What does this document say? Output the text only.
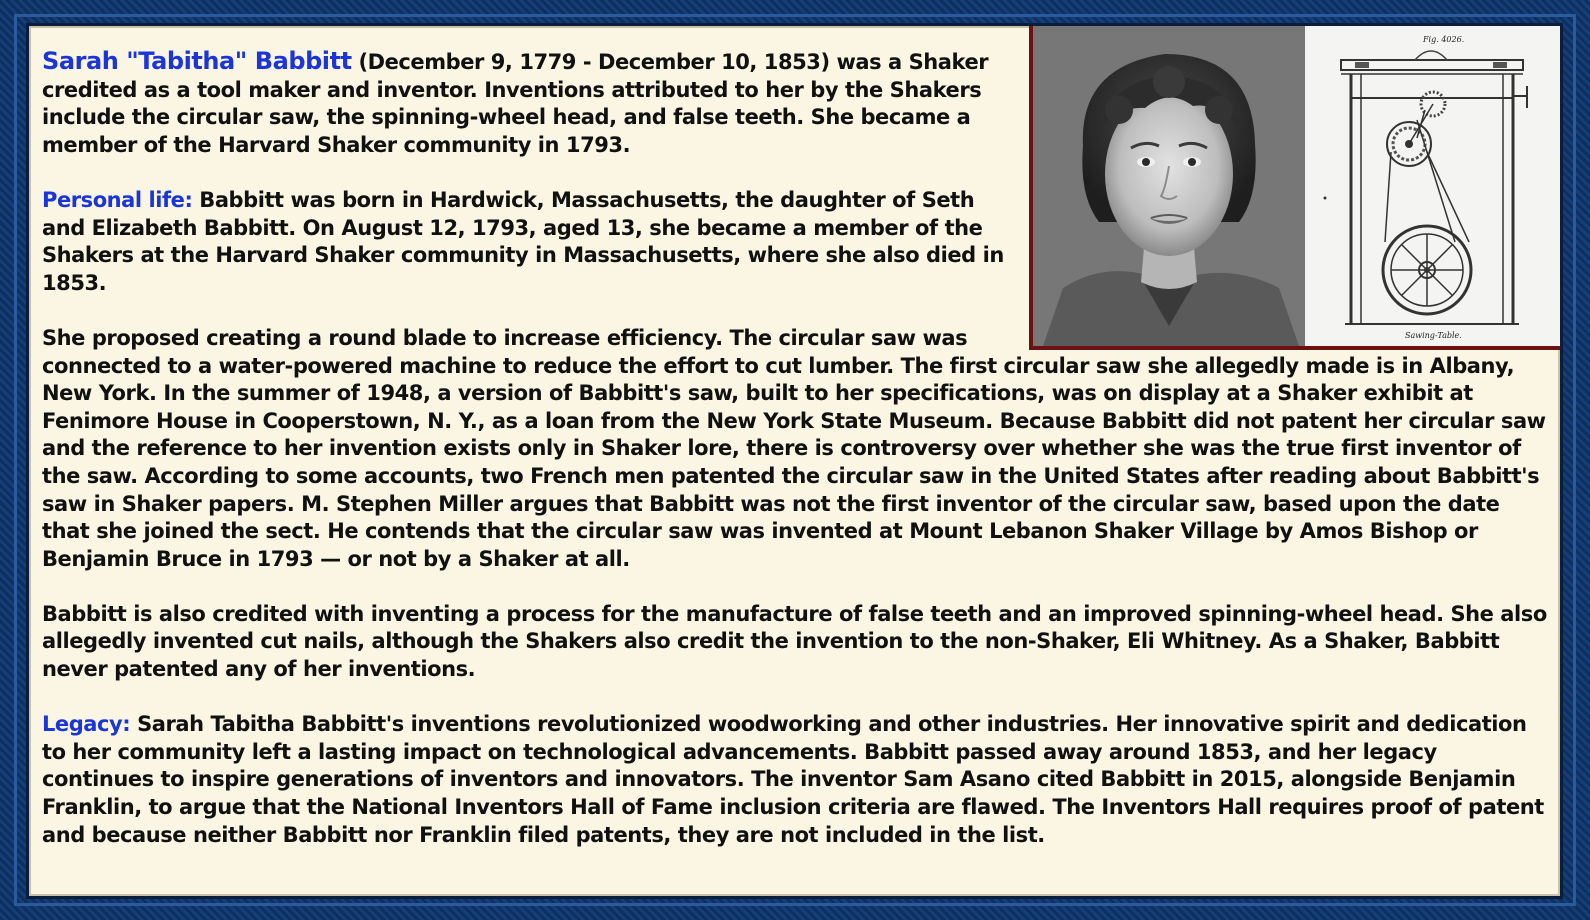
Fig. 4026.
Sawing-Table.

Sarah "Tabitha" Babbitt (December 9, 1779 - December 10, 1853) was a Shaker credited as a tool maker and inventor. Inventions attributed to her by the Shakers include the circular saw, the spinning-wheel head, and false teeth. She became a member of the Harvard Shaker community in 1793.

Personal life: Babbitt was born in Hardwick, Massachusetts, the daughter of Seth and Elizabeth Babbitt. On August 12, 1793, aged 13, she became a member of the Shakers at the Harvard Shaker community in Massachusetts, where she also died in 1853.

She proposed creating a round blade to increase efficiency. The circular saw was connected to a water-powered machine to reduce the effort to cut lumber. The first circular saw she allegedly made is in Albany, New York. In the summer of 1948, a version of Babbitt's saw, built to her specifications, was on display at a Shaker exhibit at Fenimore House in Cooperstown, N. Y., as a loan from the New York State Museum. Because Babbitt did not patent her circular saw and the reference to her invention exists only in Shaker lore, there is controversy over whether she was the true first inventor of the saw. According to some accounts, two French men patented the circular saw in the United States after reading about Babbitt's saw in Shaker papers. M. Stephen Miller argues that Babbitt was not the first inventor of the circular saw, based upon the date that she joined the sect. He contends that the circular saw was invented at Mount Lebanon Shaker Village by Amos Bishop or Benjamin Bruce in 1793 — or not by a Shaker at all.

Babbitt is also credited with inventing a process for the manufacture of false teeth and an improved spinning-wheel head. She also allegedly invented cut nails, although the Shakers also credit the invention to the non-Shaker, Eli Whitney. As a Shaker, Babbitt never patented any of her inventions.

Legacy: Sarah Tabitha Babbitt's inventions revolutionized woodworking and other industries. Her innovative spirit and dedication to her community left a lasting impact on technological advancements. Babbitt passed away around 1853, and her legacy continues to inspire generations of inventors and innovators. The inventor Sam Asano cited Babbitt in 2015, alongside Benjamin Franklin, to argue that the National Inventors Hall of Fame inclusion criteria are flawed. The Inventors Hall requires proof of patent and because neither Babbitt nor Franklin filed patents, they are not included in the list.
